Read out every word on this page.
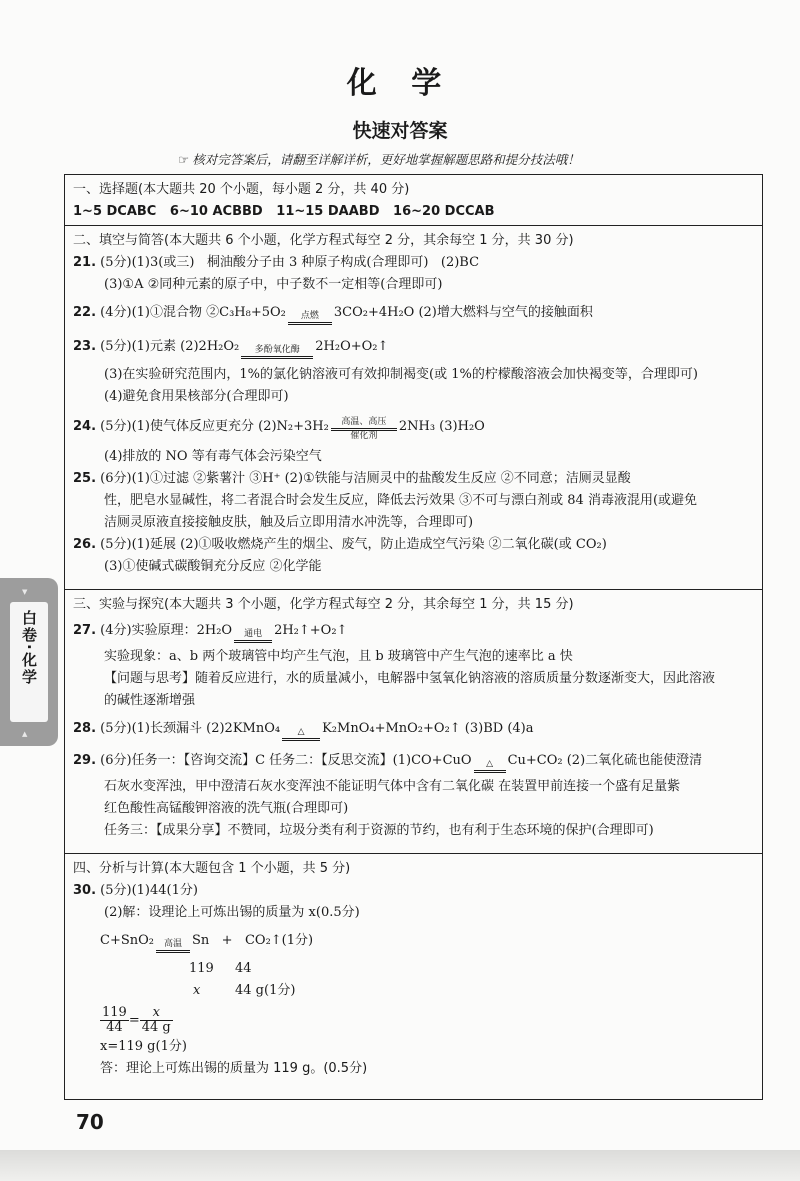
化 学
快速对答案
☞ 核对完答案后，请翻至详解详析，更好地掌握解题思路和提分技法哦！
▼
白卷·化学
▲
一、选择题(本大题共 20 个小题，每小题 2 分，共 40 分)
1~5 DCABC   6~10 ACBBD   11~15 DAABD   16~20 DCCAB
二、填空与简答(本大题共 6 个小题，化学方程式每空 2 分，其余每空 1 分，共 30 分)
21. (5分)(1)3(或三)   桐油酸分子由 3 种原子构成(合理即可)   (2)BC
(3)①A ②同种元素的原子中，中子数不一定相等(合理即可)
22. (4分)(1)①混合物 ②C₃H₈+5O₂	点燃	3CO₂+4H₂O (2)增大燃料与空气的接触面积
23. (5分)(1)元素 (2)2H₂O₂	多酚氧化酶	2H₂O+O₂↑
(3)在实验研究范围内，1%的氯化钠溶液可有效抑制褐变(或 1%的柠檬酸溶液会加快褐变等，合理即可)
(4)避免食用果核部分(合理即可)
24. (5分)(1)使气体反应更充分 (2)N₂+3H₂	高温、高压
催化剂
2NH₃ (3)H₂O
(4)排放的 NO 等有毒气体会污染空气
25. (6分)(1)①过滤 ②紫薯汁 ③H⁺ (2)①铁能与洁厕灵中的盐酸发生反应 ②不同意；洁厕灵显酸
性，肥皂水显碱性，将二者混合时会发生反应，降低去污效果 ③不可与漂白剂或 84 消毒液混用(或避免
洁厕灵原液直接接触皮肤，触及后立即用清水冲洗等，合理即可)
26. (5分)(1)延展 (2)①吸收燃烧产生的烟尘、废气，防止造成空气污染 ②二氧化碳(或 CO₂)
(3)①使碱式碳酸铜充分反应 ②化学能
三、实验与探究(本大题共 3 个小题，化学方程式每空 2 分，其余每空 1 分，共 15 分)
27. (4分)实验原理：2H₂O	通电 2H₂↑+O₂↑
实验现象：a、b 两个玻璃管中均产生气泡，且 b 玻璃管中产生气泡的速率比 a 快
【问题与思考】随着反应进行，水的质量减小，电解器中氢氧化钠溶液的溶质质量分数逐渐变大，因此溶液
的碱性逐渐增强
28. (5分)(1)长颈漏斗 (2)2KMnO₄	△	K₂MnO₄+MnO₂+O₂↑ (3)BD (4)a
29. (6分)任务一：【咨询交流】C 任务二：【反思交流】(1)CO+CuO	△	Cu+CO₂ (2)二氧化硫也能使澄清
石灰水变浑浊，甲中澄清石灰水变浑浊不能证明气体中含有二氧化碳 在装置甲前连接一个盛有足量紫
红色酸性高锰酸钾溶液的洗气瓶(合理即可)
任务三：【成果分享】不赞同，垃圾分类有利于资源的节约，也有利于生态环境的保护(合理即可)
四、分析与计算(本大题包含 1 个小题，共 5 分)
30. (5分)(1)44(1分)
(2)解：设理论上可炼出锡的质量为 x(0.5分)
C+SnO₂	高温 Sn   +   CO₂↑(1分)
119 44
x	44 g(1分)
$\frac{119}{44} = \frac{x}{44 g}$
x=119 g(1分)
答：理论上可炼出锡的质量为 119 g。(0.5分)
70
